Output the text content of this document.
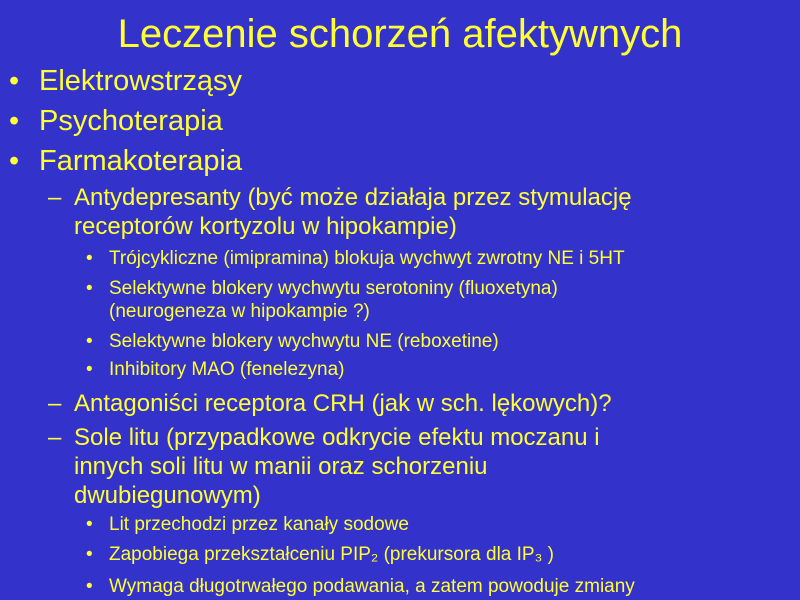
Leczenie schorzeń afektywnych
• Elektrowstrząsy
• Psychoterapia
• Farmakoterapia
– Antydepresanty (być może działaja przez stymulację
receptorów kortyzolu w hipokampie)
• Trójcykliczne (imipramina) blokuja wychwyt zwrotny NE i 5HT
• Selektywne blokery wychwytu serotoniny (fluoxetyna)
(neurogeneza w hipokampie ?)
• Selektywne blokery wychwytu NE (reboxetine)
• Inhibitory MAO (fenelezyna)
– Antagoniści receptora CRH (jak w sch. lękowych)?
– Sole litu (przypadkowe odkrycie efektu moczanu i
innych soli litu w manii oraz schorzeniu
dwubiegunowym)
• Lit przechodzi przez kanały sodowe
• Zapobiega przekształceniu PIP₂ (prekursora dla IP₃ )
• Wymaga długotrwałego podawania, a zatem powoduje zmiany
